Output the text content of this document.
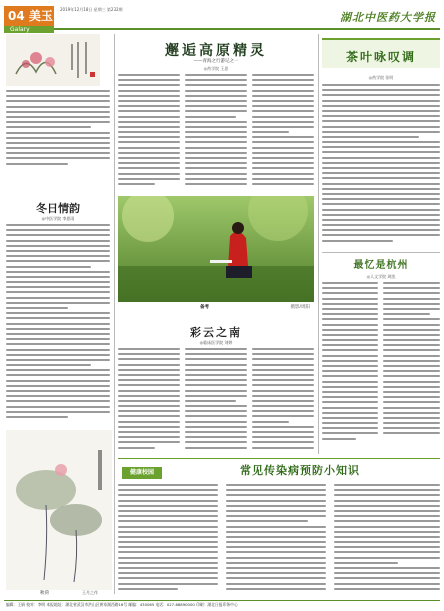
04 美玉
Galary
2019年12月18日 星期三 第232期
湖北中医药大学报
冬日情韵
◎中医学院 李思雨
秋荷	王月之作
邂逅高原精灵
——青海之行游记之一
◎药学院 王思
备考	摄影/周阳
彩云之南
◎临床医学院 刘婷
茶叶咏叹调
◎药学院 张明
最忆是杭州
◎人文学院 周凯
健康校园	常见传染病预防小知识
编辑：王娟 校对：李明 本报地址：湖北省武汉市洪山区黄家湖西路16号 邮编：430065 电话：027-68890000 印刷：湖北日报印务中心
